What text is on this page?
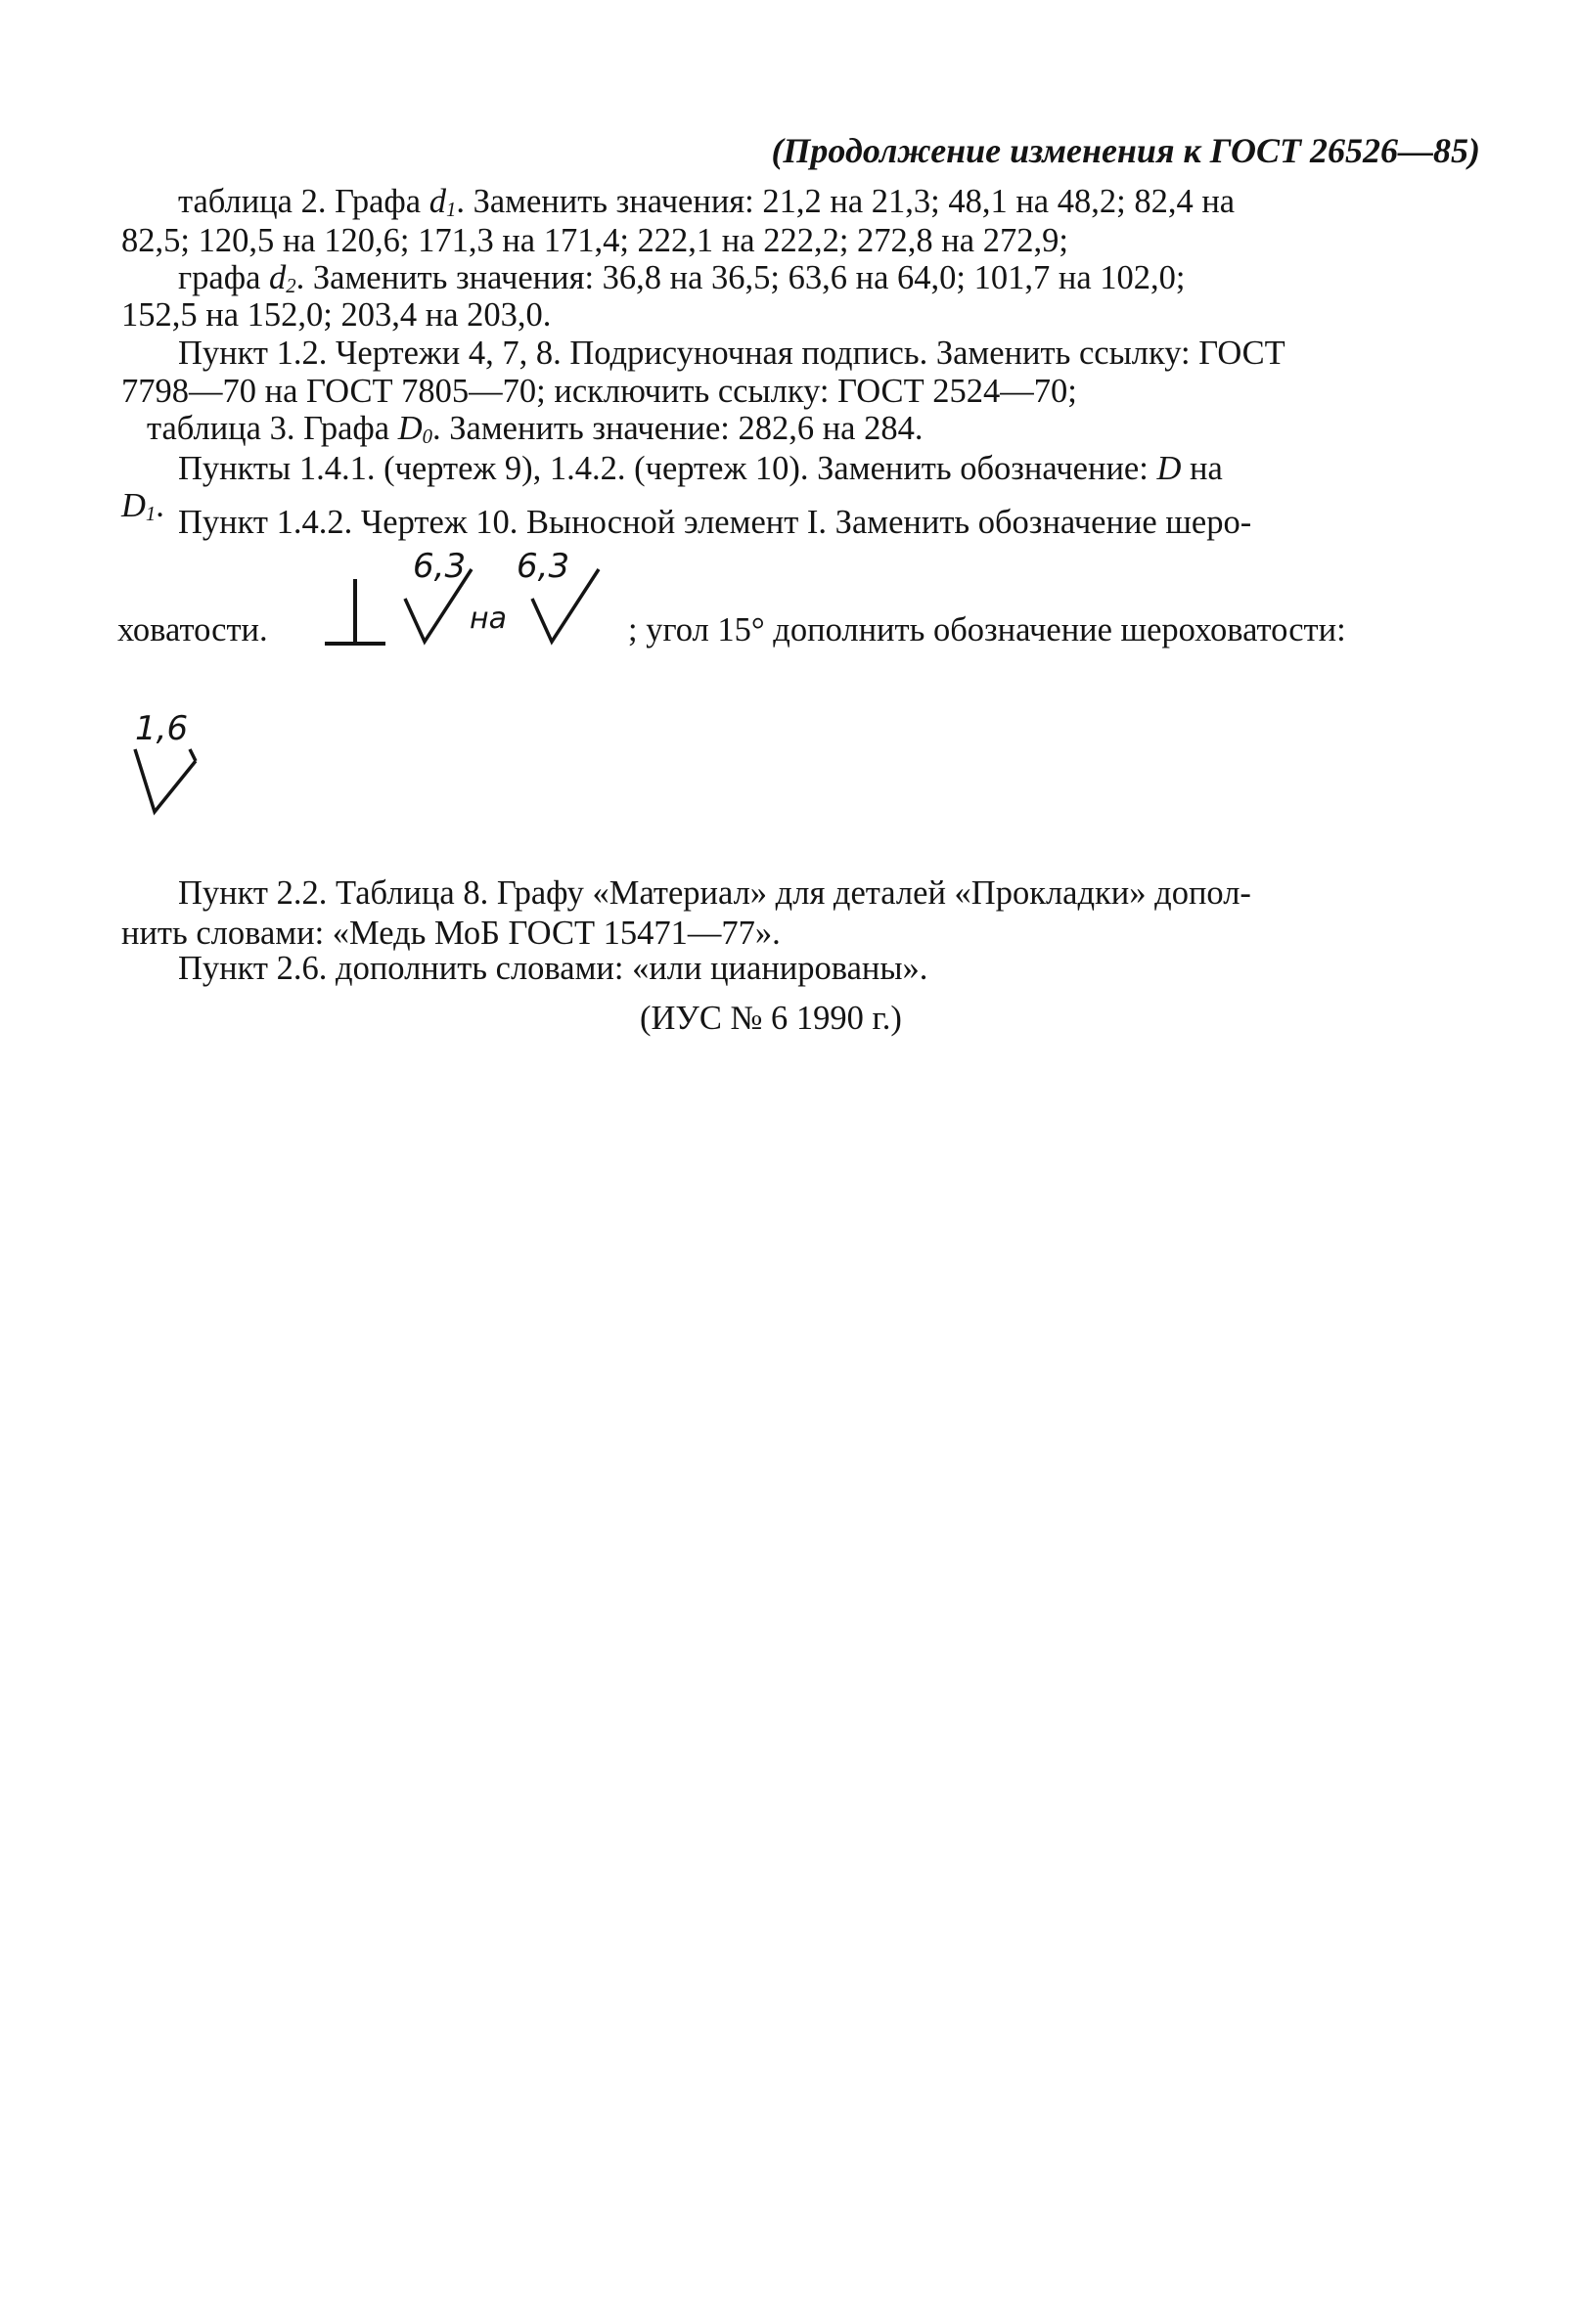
(Продолжение изменения к ГОСТ 26526—85)
таблица 2. Графа $d_1$. Заменить значения: 21,2 на 21,3; 48,1 на 48,2; 82,4 на
82,5; 120,5 на 120,6; 171,3 на 171,4; 222,1 на 222,2; 272,8 на 272,9;
графа $d_2$. Заменить значения: 36,8 на 36,5; 63,6 на 64,0; 101,7 на 102,0;
152,5 на 152,0; 203,4 на 203,0.
Пункт 1.2. Чертежи 4, 7, 8. Подрисуночная подпись. Заменить ссылку: ГОСТ
7798—70 на ГОСТ 7805—70; исключить ссылку: ГОСТ 2524—70;
таблица 3. Графа $D_0$. Заменить значение: 282,6 на 284.
Пункты 1.4.1. (чертеж 9), 1.4.2. (чертеж 10). Заменить обозначение: D на
$D_1$. Пункт 1.4.2. Чертеж 10. Выносной элемент I. Заменить обозначение шеро-
ховатости.
6,3
на
6,3
; угол 15° дополнить обозначение шероховатости:
1,6
Пункт 2.2. Таблица 8. Графу «Материал» для деталей «Прокладки» допол-
нить словами: «Медь МоБ ГОСТ 15471—77».
Пункт 2.6. дополнить словами: «или цианированы».
(ИУС № 6 1990 г.)
